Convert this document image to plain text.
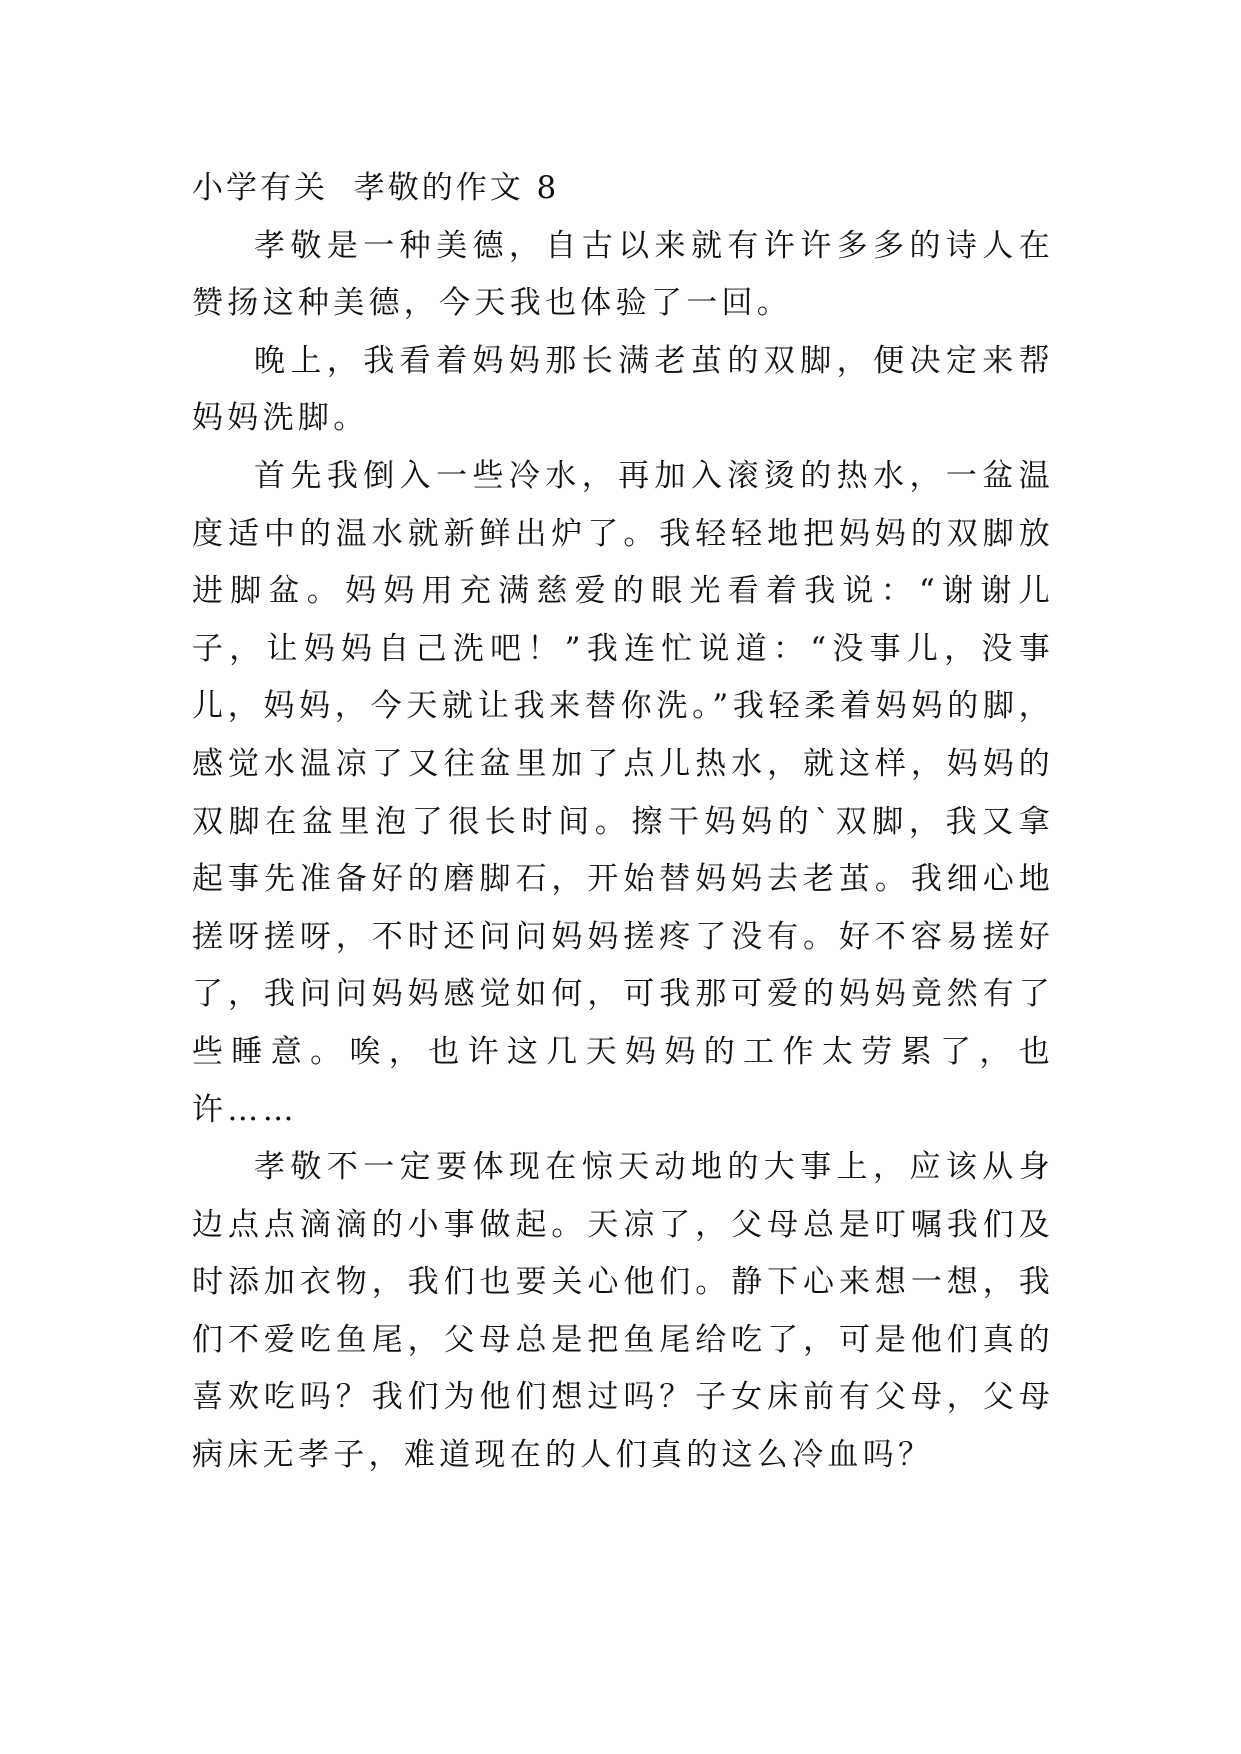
小学有关  孝敬的作文 8

孝敬是一种美德，自古以来就有许许多多的诗人在赞扬这种美德，今天我也体验了一回。

晚上，我看着妈妈那长满老茧的双脚，便决定来帮妈妈洗脚。

首先我倒入一些冷水，再加入滚烫的热水，一盆温度适中的温水就新鲜出炉了。我轻轻地把妈妈的双脚放进脚盆。妈妈用充满慈爱的眼光看着我说：“谢谢儿子，让妈妈自己洗吧！”我连忙说道：“没事儿，没事儿，妈妈，今天就让我来替你洗。”我轻柔着妈妈的脚，感觉水温凉了又往盆里加了点儿热水，就这样，妈妈的双脚在盆里泡了很长时间。擦干妈妈的`双脚，我又拿起事先准备好的磨脚石，开始替妈妈去老茧。我细心地搓呀搓呀，不时还问问妈妈搓疼了没有。好不容易搓好了，我问问妈妈感觉如何，可我那可爱的妈妈竟然有了些睡意。唉，也许这几天妈妈的工作太劳累了，也许……

孝敬不一定要体现在惊天动地的大事上，应该从身边点点滴滴的小事做起。天凉了，父母总是叮嘱我们及时添加衣物，我们也要关心他们。静下心来想一想，我们不爱吃鱼尾，父母总是把鱼尾给吃了，可是他们真的喜欢吃吗？我们为他们想过吗？子女床前有父母，父母病床无孝子，难道现在的人们真的这么冷血吗？
